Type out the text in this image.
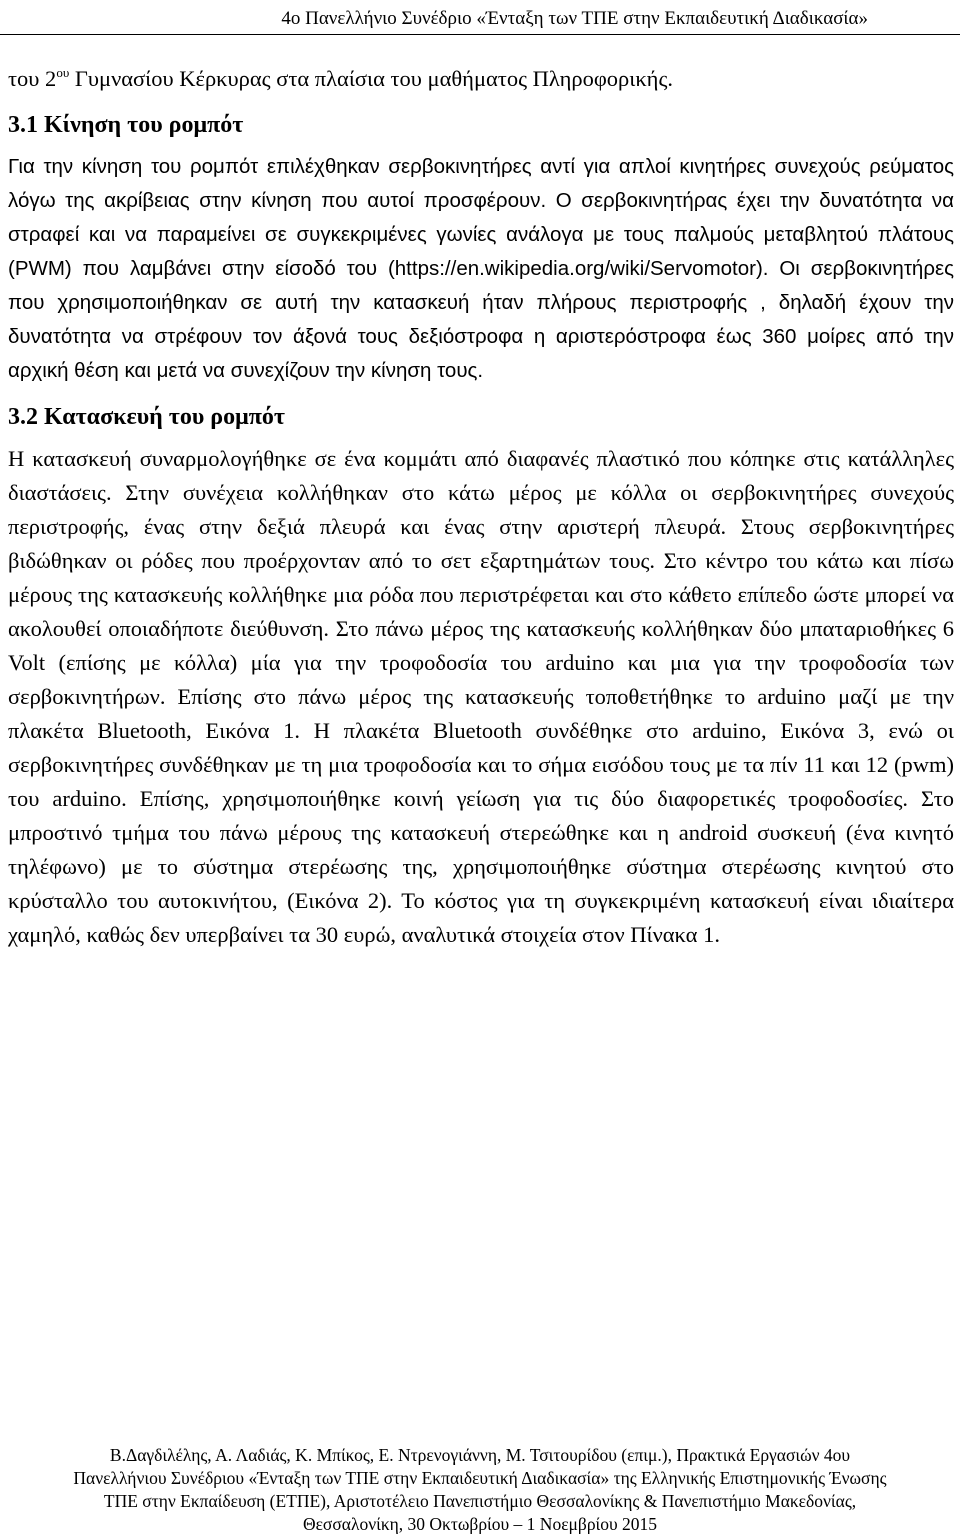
4ο Πανελλήνιο Συνέδριο «Ένταξη των ΤΠΕ στην Εκπαιδευτική Διαδικασία»

του $2^{o\upsilon}$ Γυμνασίου Κέρκυρας στα πλαίσια του μαθήματος Πληροφορικής.

3.1 Κίνηση του ρομπότ

Για την κίνηση του ρομπότ επιλέχθηκαν σερβοκινητήρες αντί για απλοί κινητήρες συνεχούς ρεύματος λόγω της ακρίβειας στην κίνηση που αυτοί προσφέρουν. Ο σερβοκινητήρας έχει την δυνατότητα να στραφεί και να παραμείνει σε συγκεκριμένες γωνίες ανάλογα με τους παλμούς μεταβλητού πλάτους (PWM) που λαμβάνει στην είσοδό του (https://en.wikipedia.org/wiki/Servomotor). Οι σερβοκινητήρες που χρησιμοποιήθηκαν σε αυτή την κατασκευή ήταν πλήρους περιστροφής , δηλαδή έχουν την δυνατότητα να στρέφουν τον άξονά τους δεξιόστροφα η αριστερόστροφα έως 360 μοίρες από την αρχική θέση και μετά να συνεχίζουν την κίνηση τους.

3.2 Κατασκευή του ρομπότ

Η κατασκευή συναρμολογήθηκε σε ένα κομμάτι από διαφανές πλαστικό που κόπηκε στις κατάλληλες διαστάσεις. Στην συνέχεια κολλήθηκαν στο κάτω μέρος με κόλλα οι σερβοκινητήρες συνεχούς περιστροφής, ένας στην δεξιά πλευρά και ένας στην αριστερή πλευρά. Στους σερβοκινητήρες βιδώθηκαν οι ρόδες που προέρχονταν από το σετ εξαρτημάτων τους. Στο κέντρο του κάτω και πίσω μέρους της κατασκευής κολλήθηκε μια ρόδα που περιστρέφεται και στο κάθετο επίπεδο ώστε μπορεί να ακολουθεί οποιαδήποτε διεύθυνση. Στο πάνω μέρος της κατασκευής κολλήθηκαν δύο μπαταριοθήκες 6 Volt (επίσης με κόλλα) μία για την τροφοδοσία του arduino και μια για την τροφοδοσία των σερβοκινητήρων. Επίσης στο πάνω μέρος της κατασκευής τοποθετήθηκε το arduino μαζί με την πλακέτα Bluetooth, Εικόνα 1. Η πλακέτα Bluetooth συνδέθηκε στο arduino, Εικόνα 3, ενώ οι σερβοκινητήρες συνδέθηκαν με τη μια τροφοδοσία και το σήμα εισόδου τους με τα πίν 11 και 12 (pwm) του arduino. Επίσης, χρησιμοποιήθηκε κοινή γείωση για τις δύο διαφορετικές τροφοδοσίες. Στο μπροστινό τμήμα του πάνω μέρους της κατασκευή στερεώθηκε και η android συσκευή (ένα κινητό τηλέφωνο) με το σύστημα στερέωσης της, χρησιμοποιήθηκε σύστημα στερέωσης κινητού στο κρύσταλλο του αυτοκινήτου, (Εικόνα 2). Το κόστος για τη συγκεκριμένη κατασκευή είναι ιδιαίτερα χαμηλό, καθώς δεν υπερβαίνει τα 30 ευρώ, αναλυτικά στοιχεία στον Πίνακα 1.

Β.Δαγδιλέλης, Α. Λαδιάς, Κ. Μπίκος, Ε. Ντρενογιάννη, Μ. Τσιτουρίδου (επιμ.), Πρακτικά Εργασιών 4ου
Πανελλήνιου Συνέδριου «Ένταξη των ΤΠΕ στην Εκπαιδευτική Διαδικασία» της Ελληνικής Επιστημονικής Ένωσης
ΤΠΕ στην Εκπαίδευση (ΕΤΠΕ), Αριστοτέλειο Πανεπιστήμιο Θεσσαλονίκης & Πανεπιστήμιο Μακεδονίας,
Θεσσαλονίκη, 30 Οκτωβρίου – 1 Νοεμβρίου 2015
